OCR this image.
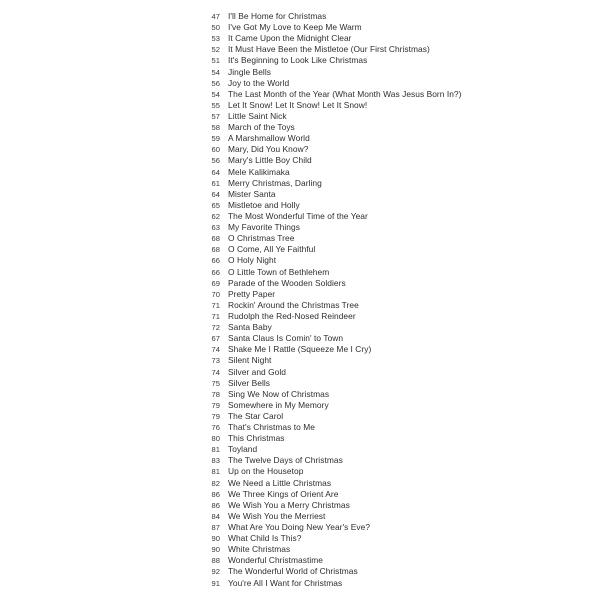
47 I'll Be Home for Christmas
50 I've Got My Love to Keep Me Warm
53 It Came Upon the Midnight Clear
52 It Must Have Been the Mistletoe (Our First Christmas)
51 It's Beginning to Look Like Christmas
54 Jingle Bells
56 Joy to the World
54 The Last Month of the Year (What Month Was Jesus Born In?)
55 Let It Snow! Let It Snow! Let It Snow!
57 Little Saint Nick
58 March of the Toys
59 A Marshmallow World
60 Mary, Did You Know?
56 Mary's Little Boy Child
64 Mele Kalikimaka
61 Merry Christmas, Darling
64 Mister Santa
65 Mistletoe and Holly
62 The Most Wonderful Time of the Year
63 My Favorite Things
68 O Christmas Tree
68 O Come, All Ye Faithful
66 O Holy Night
66 O Little Town of Bethlehem
69 Parade of the Wooden Soldiers
70 Pretty Paper
71 Rockin' Around the Christmas Tree
71 Rudolph the Red-Nosed Reindeer
72 Santa Baby
67 Santa Claus Is Comin' to Town
74 Shake Me I Rattle (Squeeze Me I Cry)
73 Silent Night
74 Silver and Gold
75 Silver Bells
78 Sing We Now of Christmas
79 Somewhere in My Memory
79 The Star Carol
76 That's Christmas to Me
80 This Christmas
81 Toyland
83 The Twelve Days of Christmas
81 Up on the Housetop
82 We Need a Little Christmas
86 We Three Kings of Orient Are
86 We Wish You a Merry Christmas
84 We Wish You the Merriest
87 What Are You Doing New Year's Eve?
90 What Child Is This?
90 White Christmas
88 Wonderful Christmastime
92 The Wonderful World of Christmas
91 You're All I Want for Christmas
